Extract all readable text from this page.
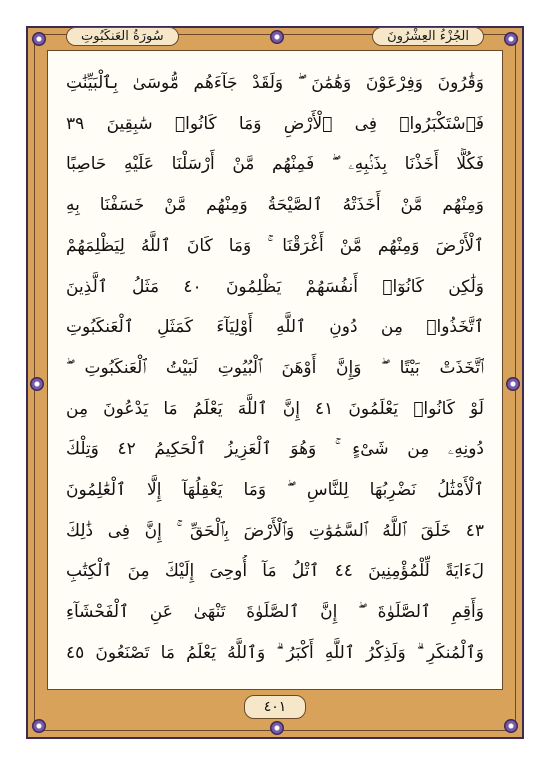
سُورَةُ العَنكَبُوتِ	الجُزْءُ العِشْرُونَ
وَقَٰرُونَ وَفِرْعَوْنَ وَهَٰمَٰنَ ۖ وَلَقَدْ جَآءَهُم مُّوسَىٰ بِٱلْبَيِّنَٰتِ
فَٱسْتَكْبَرُوا۟ فِى ٱلْأَرْضِ وَمَا كَانُوا۟ سَٰبِقِينَ ٣٩
فَكُلًّا أَخَذْنَا بِذَنۢبِهِۦ ۖ فَمِنْهُم مَّنْ أَرْسَلْنَا عَلَيْهِ حَاصِبًا
وَمِنْهُم مَّنْ أَخَذَتْهُ ٱلصَّيْحَةُ وَمِنْهُم مَّنْ خَسَفْنَا بِهِ
ٱلْأَرْضَ وَمِنْهُم مَّنْ أَغْرَقْنَا ۚ وَمَا كَانَ ٱللَّهُ لِيَظْلِمَهُمْ
وَلَٰكِن كَانُوٓا۟ أَنفُسَهُمْ يَظْلِمُونَ ٤٠ مَثَلُ ٱلَّذِينَ
ٱتَّخَذُوا۟ مِن دُونِ ٱللَّهِ أَوْلِيَآءَ كَمَثَلِ ٱلْعَنكَبُوتِ
ٱتَّخَذَتْ بَيْتًا ۖ وَإِنَّ أَوْهَنَ ٱلْبُيُوتِ لَبَيْتُ ٱلْعَنكَبُوتِ ۖ
لَوْ كَانُوا۟ يَعْلَمُونَ ٤١ إِنَّ ٱللَّهَ يَعْلَمُ مَا يَدْعُونَ مِن
دُونِهِۦ مِن شَىْءٍ ۚ وَهُوَ ٱلْعَزِيزُ ٱلْحَكِيمُ ٤٢ وَتِلْكَ
ٱلْأَمْثَٰلُ نَضْرِبُهَا لِلنَّاسِ ۖ وَمَا يَعْقِلُهَآ إِلَّا ٱلْعَٰلِمُونَ
٤٣ خَلَقَ ٱللَّهُ ٱلسَّمَٰوَٰتِ وَٱلْأَرْضَ بِٱلْحَقِّ ۚ إِنَّ فِى ذَٰلِكَ
لَءَايَةً لِّلْمُؤْمِنِينَ ٤٤ ٱتْلُ مَآ أُوحِىَ إِلَيْكَ مِنَ ٱلْكِتَٰبِ
وَأَقِمِ ٱلصَّلَوٰةَ ۖ إِنَّ ٱلصَّلَوٰةَ تَنْهَىٰ عَنِ ٱلْفَحْشَآءِ
وَٱلْمُنكَرِ ۗ وَلَذِكْرُ ٱللَّهِ أَكْبَرُ ۗ وَٱللَّهُ يَعْلَمُ مَا تَصْنَعُونَ ٤٥
٤٠١
